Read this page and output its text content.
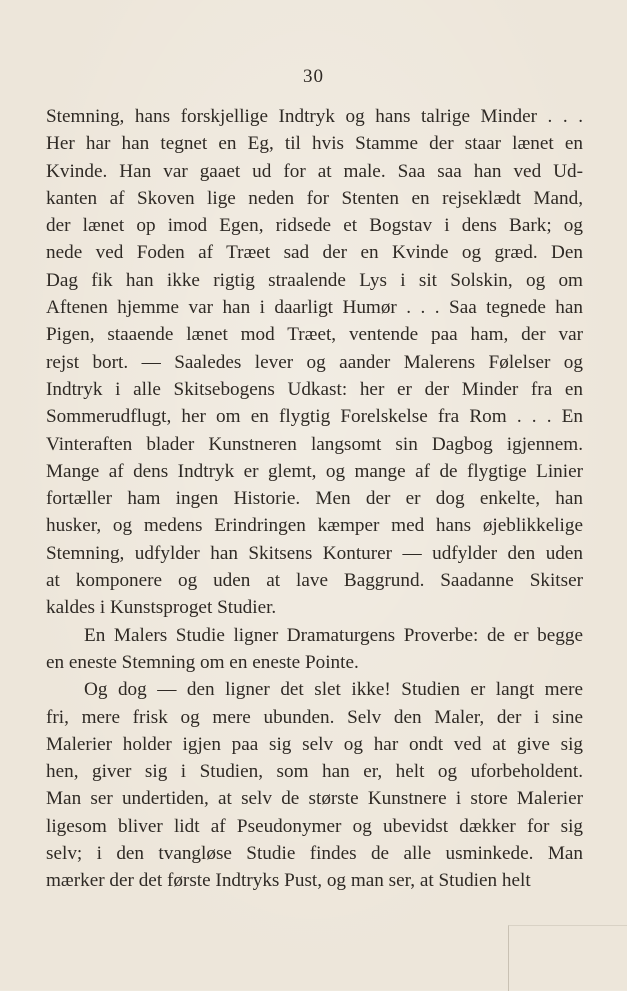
30
Stemning, hans forskjellige Indtryk og hans talrige Minder . . .
Her har han tegnet en Eg, til hvis Stamme der staar lænet en
Kvinde. Han var gaaet ud for at male. Saa saa han ved Ud-
kanten af Skoven lige neden for Stenten en rejseklædt Mand,
der lænet op imod Egen, ridsede et Bogstav i dens Bark; og
nede ved Foden af Træet sad der en Kvinde og græd. Den
Dag fik han ikke rigtig straalende Lys i sit Solskin, og om
Aftenen hjemme var han i daarligt Humør . . . Saa tegnede han
Pigen, staaende lænet mod Træet, ventende paa ham, der var
rejst bort. — Saaledes lever og aander Malerens Følelser og
Indtryk i alle Skitsebogens Udkast: her er der Minder fra en
Sommerudflugt, her om en flygtig Forelskelse fra Rom . . . En
Vinteraften blader Kunstneren langsomt sin Dagbog igjennem.
Mange af dens Indtryk er glemt, og mange af de flygtige Linier
fortæller ham ingen Historie. Men der er dog enkelte, han
husker, og medens Erindringen kæmper med hans øjeblikkelige
Stemning, udfylder han Skitsens Konturer — udfylder den uden
at komponere og uden at lave Baggrund. Saadanne Skitser
kaldes i Kunstsproget Studier.
En Malers Studie ligner Dramaturgens Proverbe: de er begge
en eneste Stemning om en eneste Pointe.
Og dog — den ligner det slet ikke! Studien er langt mere
fri, mere frisk og mere ubunden. Selv den Maler, der i sine
Malerier holder igjen paa sig selv og har ondt ved at give sig
hen, giver sig i Studien, som han er, helt og uforbeholdent.
Man ser undertiden, at selv de største Kunstnere i store Malerier
ligesom bliver lidt af Pseudonymer og ubevidst dækker for sig
selv; i den tvangløse Studie findes de alle usminkede. Man
mærker der det første Indtryks Pust, og man ser, at Studien helt
